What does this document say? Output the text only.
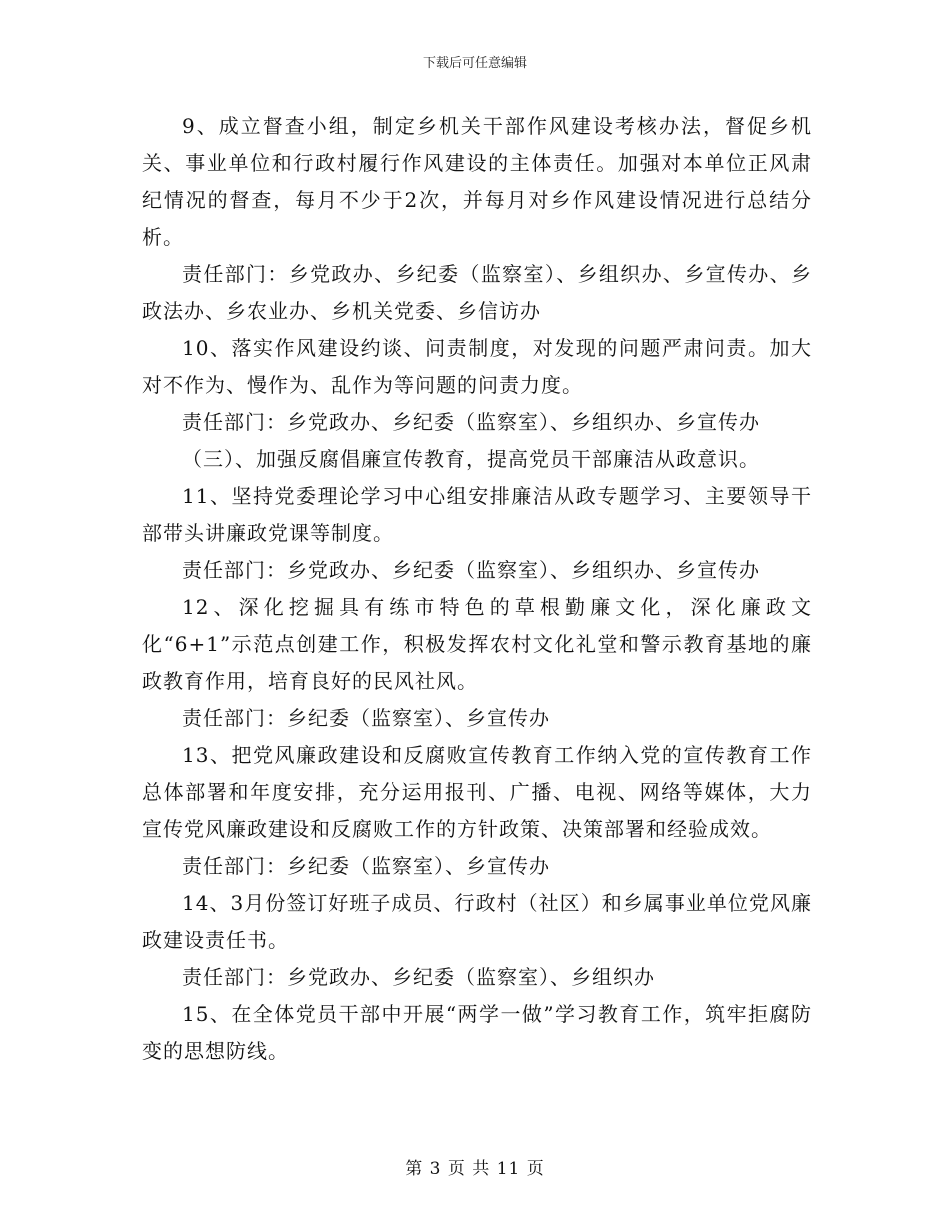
下载后可任意编辑

9、成立督查小组，制定乡机关干部作风建设考核办法，督促乡机关、事业单位和行政村履行作风建设的主体责任。加强对本单位正风肃纪情况的督查，每月不少于2次，并每月对乡作风建设情况进行总结分析。

责任部门：乡党政办、乡纪委（监察室）、乡组织办、乡宣传办、乡政法办、乡农业办、乡机关党委、乡信访办

10、落实作风建设约谈、问责制度，对发现的问题严肃问责。加大对不作为、慢作为、乱作为等问题的问责力度。

责任部门：乡党政办、乡纪委（监察室）、乡组织办、乡宣传办

（三）、加强反腐倡廉宣传教育，提高党员干部廉洁从政意识。

11、坚持党委理论学习中心组安排廉洁从政专题学习、主要领导干部带头讲廉政党课等制度。

责任部门：乡党政办、乡纪委（监察室）、乡组织办、乡宣传办

12、深化挖掘具有练市特色的草根勤廉文化，深化廉政文化“6+1”示范点创建工作，积极发挥农村文化礼堂和警示教育基地的廉政教育作用，培育良好的民风社风。

责任部门：乡纪委（监察室）、乡宣传办

13、把党风廉政建设和反腐败宣传教育工作纳入党的宣传教育工作总体部署和年度安排，充分运用报刊、广播、电视、网络等媒体，大力宣传党风廉政建设和反腐败工作的方针政策、决策部署和经验成效。

责任部门：乡纪委（监察室）、乡宣传办

14、3月份签订好班子成员、行政村（社区）和乡属事业单位党风廉政建设责任书。

责任部门：乡党政办、乡纪委（监察室）、乡组织办

15、在全体党员干部中开展“两学一做”学习教育工作，筑牢拒腐防变的思想防线。

第 3 页 共 11 页
